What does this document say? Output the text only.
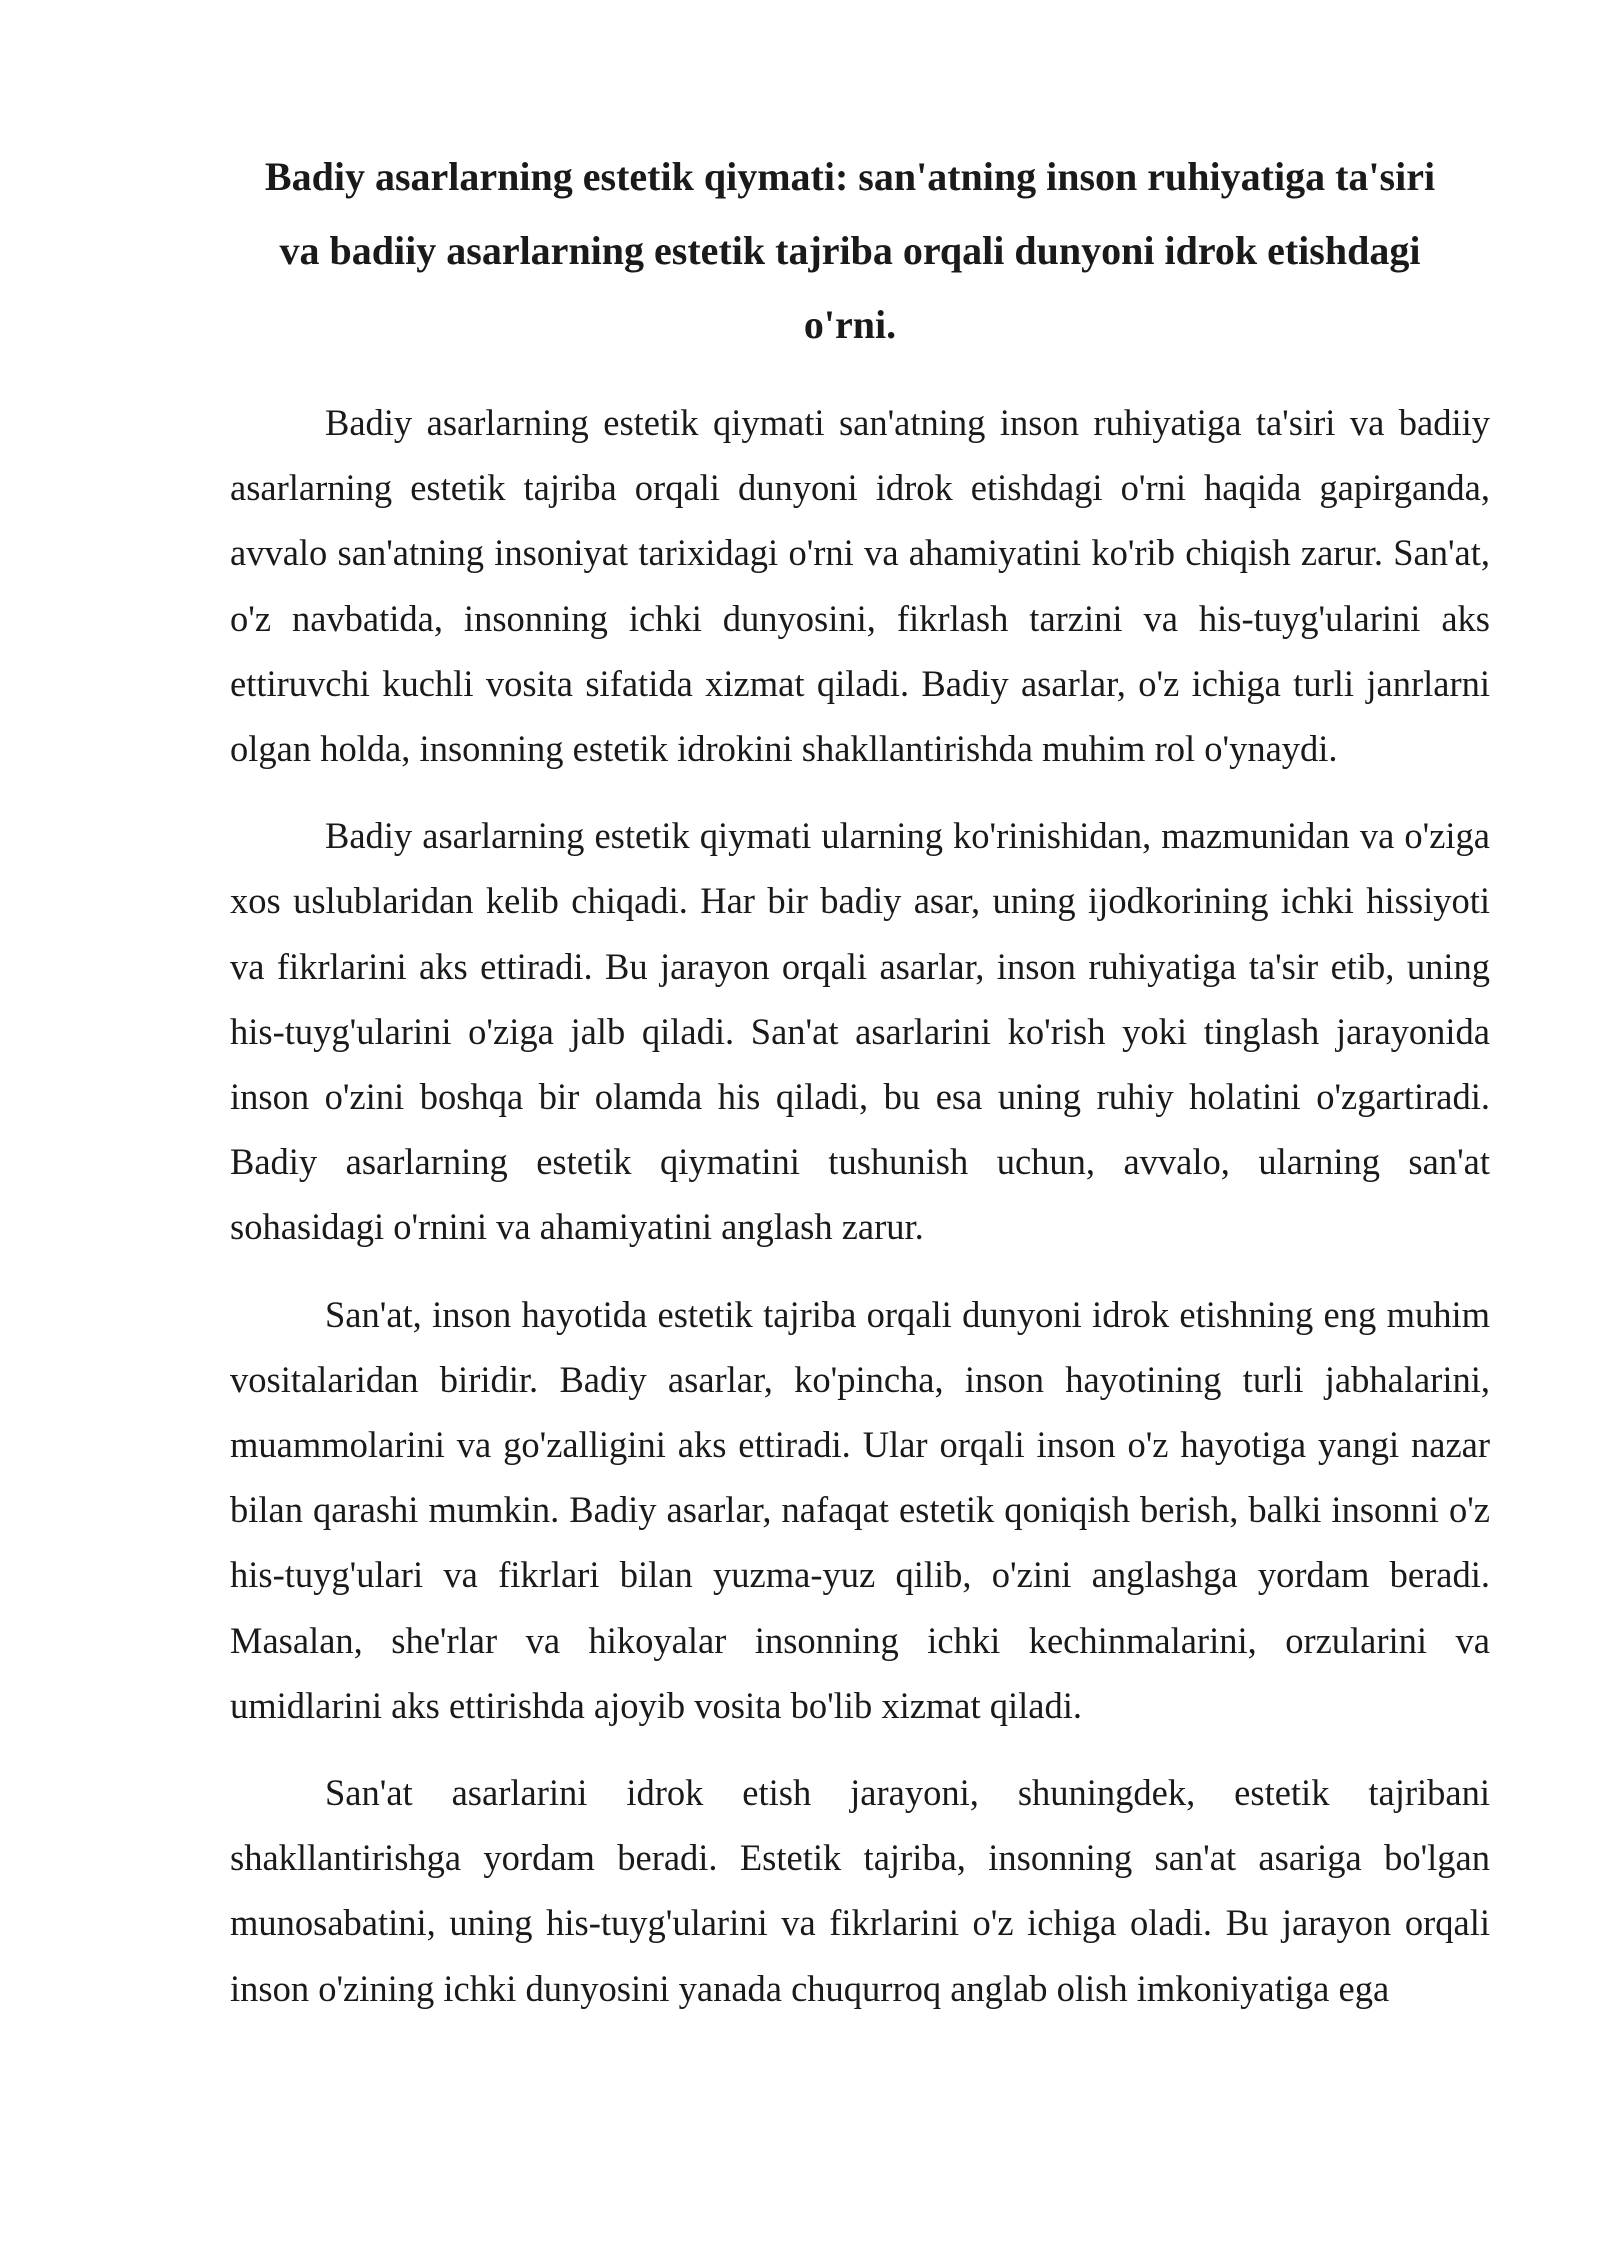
Badiy asarlarning estetik qiymati: san'atning inson ruhiyatiga ta'siri va badiiy asarlarning estetik tajriba orqali dunyoni idrok etishdagi o'rni.

Badiy asarlarning estetik qiymati san'atning inson ruhiyatiga ta'siri va badiiy asarlarning estetik tajriba orqali dunyoni idrok etishdagi o'rni haqida gapirganda, avvalo san'atning insoniyat tarixidagi o'rni va ahamiyatini ko'rib chiqish zarur. San'at, o'z navbatida, insonning ichki dunyosini, fikrlash tarzini va his-tuyg'ularini aks ettiruvchi kuchli vosita sifatida xizmat qiladi. Badiy asarlar, o'z ichiga turli janrlarni olgan holda, insonning estetik idrokini shakllantirishda muhim rol o'ynaydi.

Badiy asarlarning estetik qiymati ularning ko'rinishidan, mazmunidan va o'ziga xos uslublaridan kelib chiqadi. Har bir badiy asar, uning ijodkorining ichki hissiyoti va fikrlarini aks ettiradi. Bu jarayon orqali asarlar, inson ruhiyatiga ta'sir etib, uning his-tuyg'ularini o'ziga jalb qiladi. San'at asarlarini ko'rish yoki tinglash jarayonida inson o'zini boshqa bir olamda his qiladi, bu esa uning ruhiy holatini o'zgartiradi. Badiy asarlarning estetik qiymatini tushunish uchun, avvalo, ularning san'at sohasidagi o'rnini va ahamiyatini anglash zarur.

San'at, inson hayotida estetik tajriba orqali dunyoni idrok etishning eng muhim vositalaridan biridir. Badiy asarlar, ko'pincha, inson hayotining turli jabhalarini, muammolarini va go'zalligini aks ettiradi. Ular orqali inson o'z hayotiga yangi nazar bilan qarashi mumkin. Badiy asarlar, nafaqat estetik qoniqish berish, balki insonni o'z his-tuyg'ulari va fikrlari bilan yuzma-yuz qilib, o'zini anglashga yordam beradi. Masalan, she'rlar va hikoyalar insonning ichki kechinmalarini, orzularini va umidlarini aks ettirishda ajoyib vosita bo'lib xizmat qiladi.

San'at asarlarini idrok etish jarayoni, shuningdek, estetik tajribani shakllantirishga yordam beradi. Estetik tajriba, insonning san'at asariga bo'lgan munosabatini, uning his-tuyg'ularini va fikrlarini o'z ichiga oladi. Bu jarayon orqali inson o'zining ichki dunyosini yanada chuqurroq anglab olish imkoniyatiga ega
